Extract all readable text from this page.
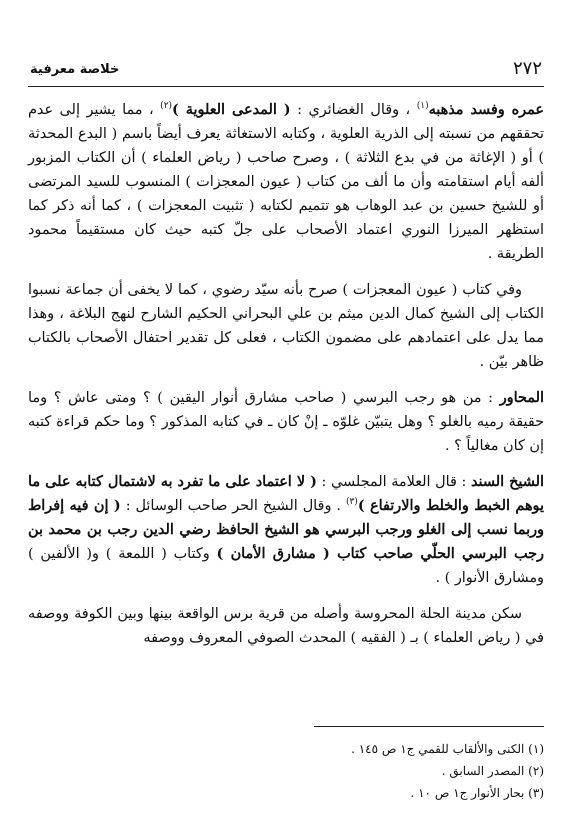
٢٧٢
خلاصة معرفية

عمره وفسد مذهبه$^{(١)}$ ، وقال الغضائري : ( المدعى العلوية )$^{(٢)}$ ، مما يشير إلى عدم تحققهم من نسبته إلى الذرية العلوية ، وكتابه الاستغاثة يعرف أيضاً باسم ( البدع المحدثة ) أو ( الإغاثة من في بدع الثلاثة ) ، وصرح صاحب ( رياض العلماء ) أن الكتاب المزبور ألفه أيام استقامته وأن ما ألف من كتاب ( عيون المعجزات ) المنسوب للسيد المرتضى أو للشيخ حسين بن عبد الوهاب هو تتميم لكتابه ( تثبيت المعجزات ) ، كما أنه ذكر كما استظهر الميرزا النوري اعتماد الأصحاب على جلّ كتبه حيث كان مستقيماً محمود الطريقة .

وفي كتاب ( عيون المعجزات ) صرح بأنه سيّد رضوي ، كما لا يخفى أن جماعة نسبوا الكتاب إلى الشيخ كمال الدين ميثم بن علي البحراني الحكيم الشارح لنهج البلاغة ، وهذا مما يدل على اعتمادهم على مضمون الكتاب ، فعلى كل تقدير احتفال الأصحاب بالكتاب ظاهر بيّن .

المحاور : من هو رجب البرسي ( صاحب مشارق أنوار اليقين ) ؟ ومتى عاش ؟ وما حقيقة رميه بالغلو ؟ وهل يتبيّن غلوّه ـ إنْ كان ـ في كتابه المذكور ؟ وما حكم قراءة كتبه إن كان مغالياً ؟ .

الشيخ السند : قال العلامة المجلسي : ( لا اعتماد على ما تفرد به لاشتمال كتابه على ما يوهم الخبط والخلط والارتفاع )$^{(٣)}$ . وقال الشيخ الحر صاحب الوسائل : ( إن فيه إفراط وربما نسب إلى الغلو ورجب البرسي هو الشيخ الحافظ رضي الدين رجب بن محمد بن رجب البرسي الحلّي صاحب كتاب ( مشارق الأمان ) وكتاب ( اللمعة ) و( الألفين ) ومشارق الأنوار ) .

سكن مدينة الحلة المحروسة وأصله من قرية برس الواقعة بينها وبين الكوفة ووصفه في ( رياض العلماء ) بـ ( الفقيه ) المحدث الصوفي المعروف ووصفه

(١) الكنى والألقاب للقمي ج١ ص ١٤٥ .
(٢) المصدر السابق .
(٣) بحار الأنوار ج١ ص ١٠ .
